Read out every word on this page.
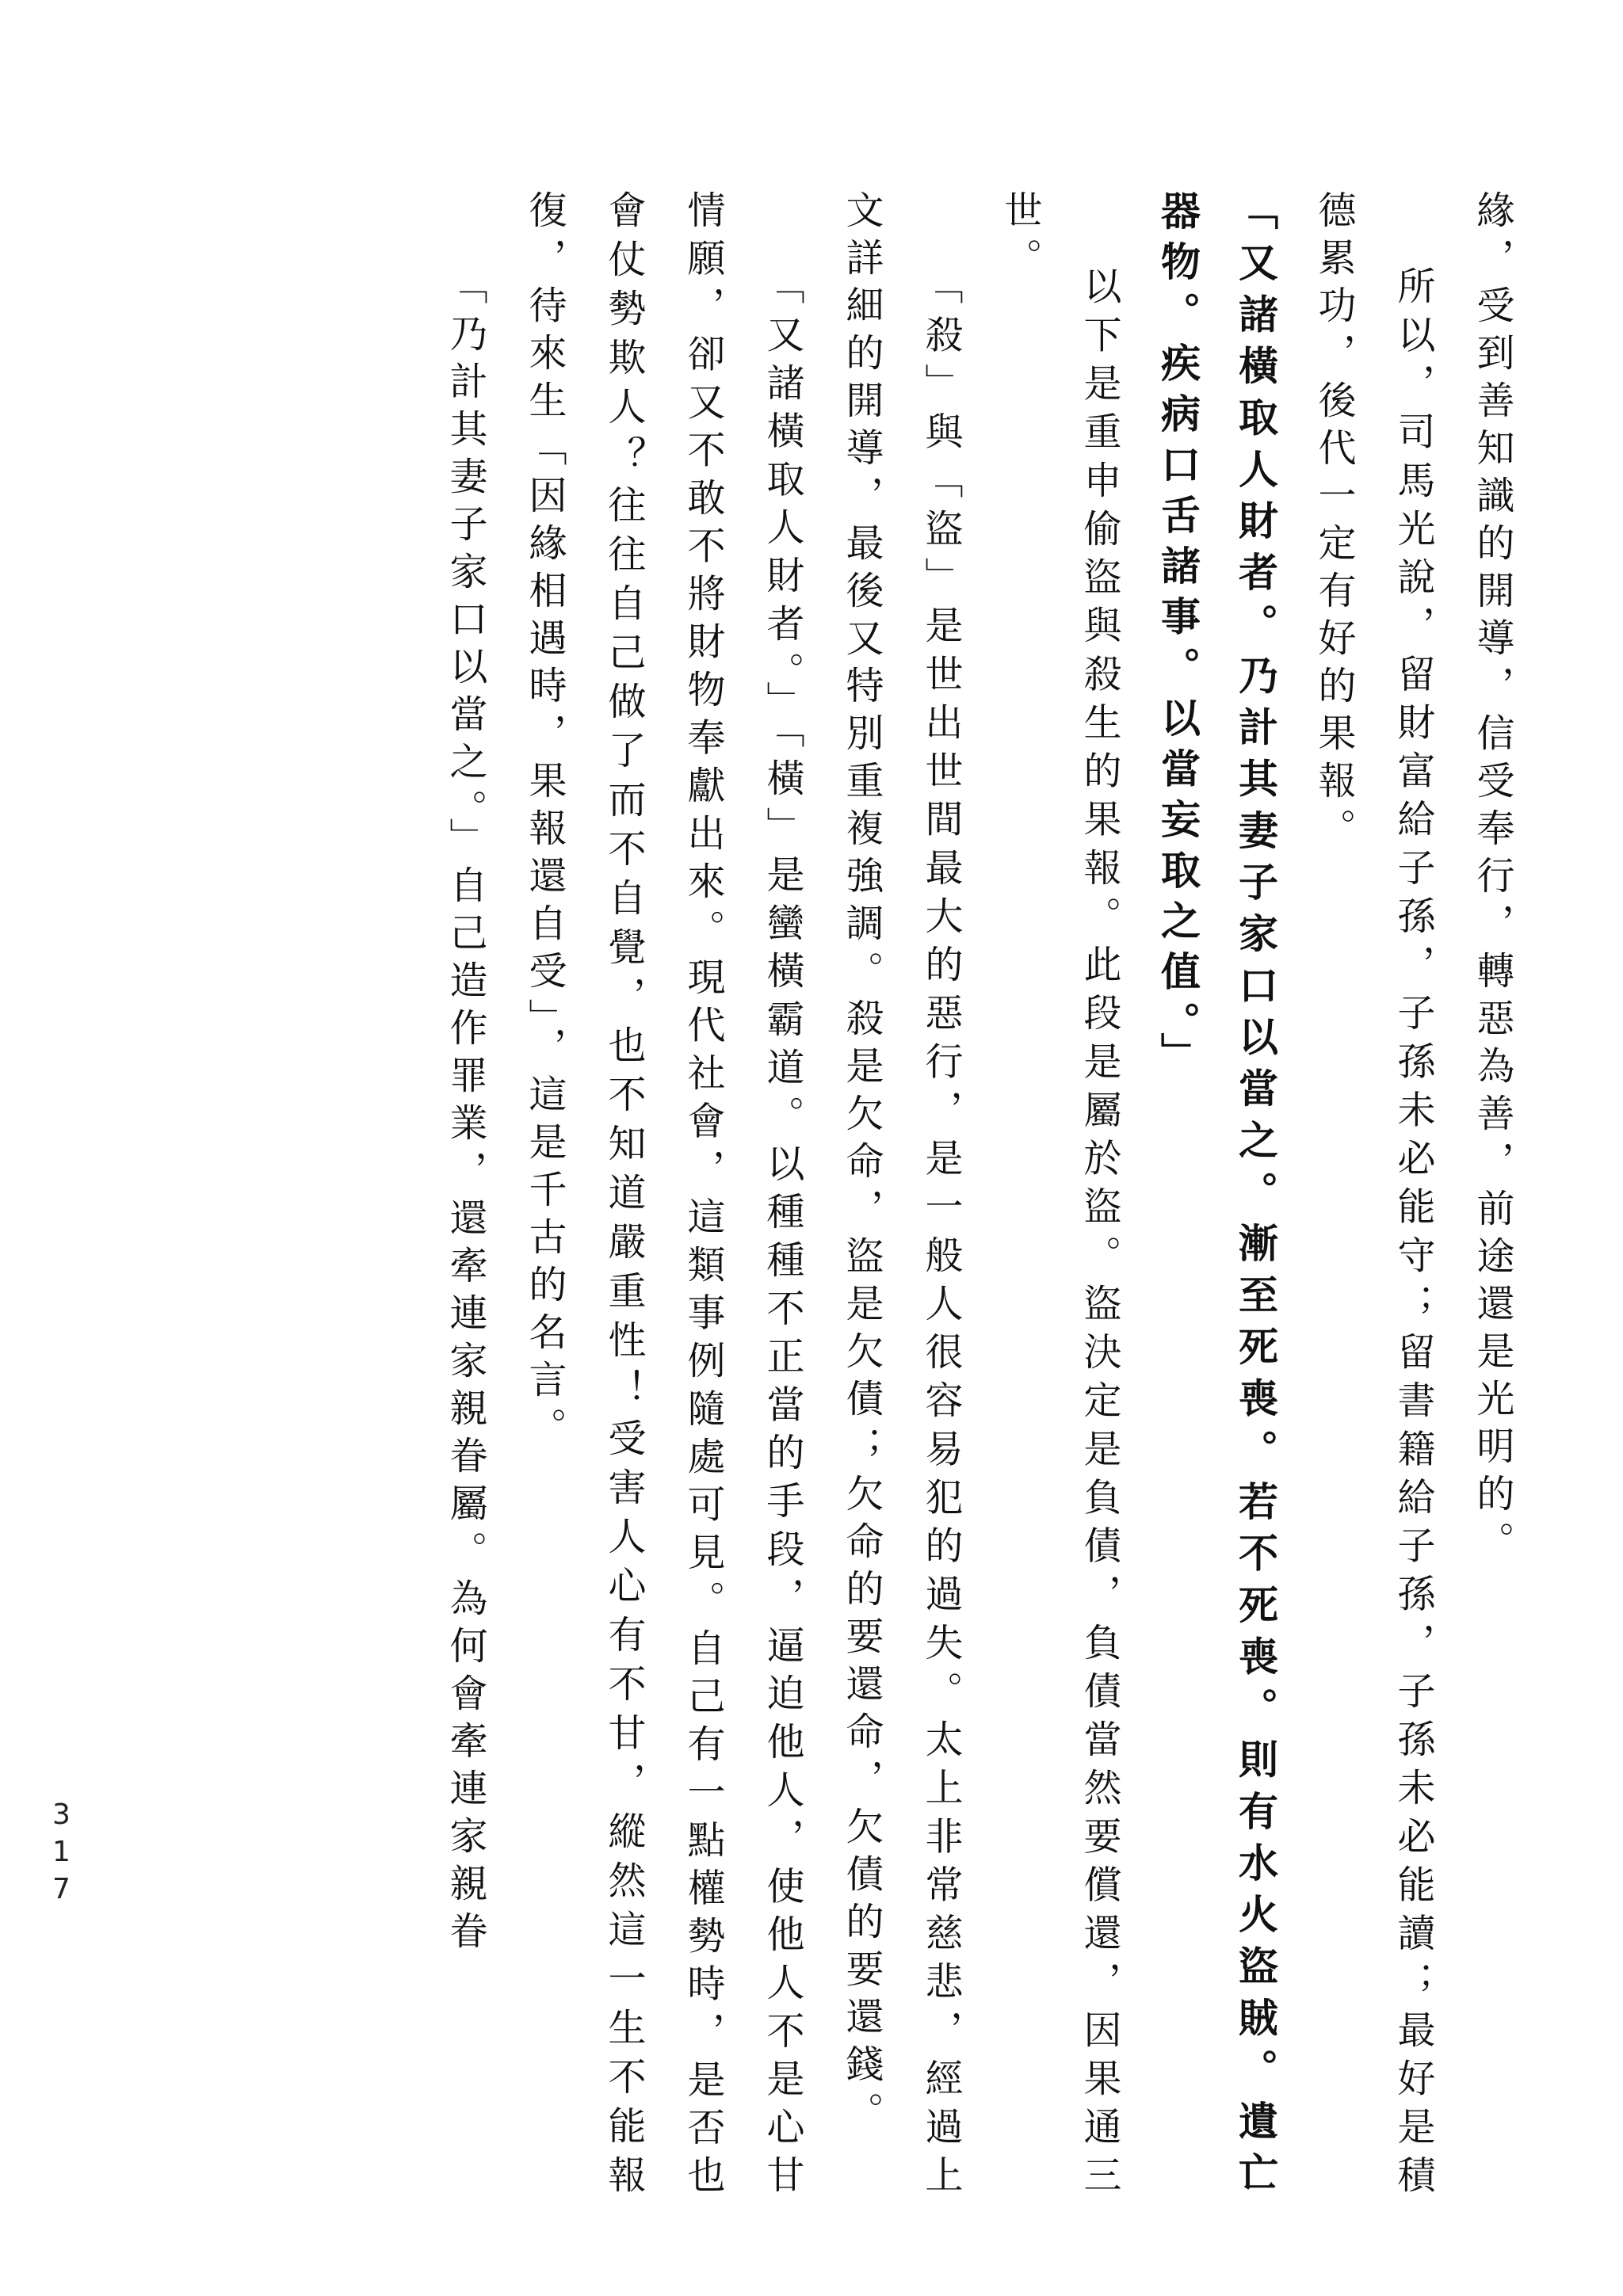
緣，受到善知識的開導，信受奉行，轉惡為善，前途還是光明的。

所以，司馬光說，留財富給子孫，子孫未必能守；留書籍給子孫，子孫未必能讀；最好是積德累功，後代一定有好的果報。

「又諸橫取人財者。乃計其妻子家口以當之。漸至死喪。若不死喪。則有水火盜賊。遺亡器物。疾病口舌諸事。以當妄取之值。」

以下是重申偷盜與殺生的果報。此段是屬於盜。盜決定是負債，負債當然要償還，因果通三世。

「殺」與「盜」是世出世間最大的惡行，是一般人很容易犯的過失。太上非常慈悲，經過上文詳細的開導，最後又特別重複強調。殺是欠命，盜是欠債；欠命的要還命，欠債的要還錢。

「又諸橫取人財者。」「橫」是蠻橫霸道。以種種不正當的手段，逼迫他人，使他人不是心甘情願，卻又不敢不將財物奉獻出來。現代社會，這類事例隨處可見。自己有一點權勢時，是否也會仗勢欺人？往往自己做了而不自覺，也不知道嚴重性！受害人心有不甘，縱然這一生不能報復，待來生「因緣相遇時，果報還自受」，這是千古的名言。

「乃計其妻子家口以當之。」自己造作罪業，還牽連家親眷屬。為何會牽連家親眷

317
